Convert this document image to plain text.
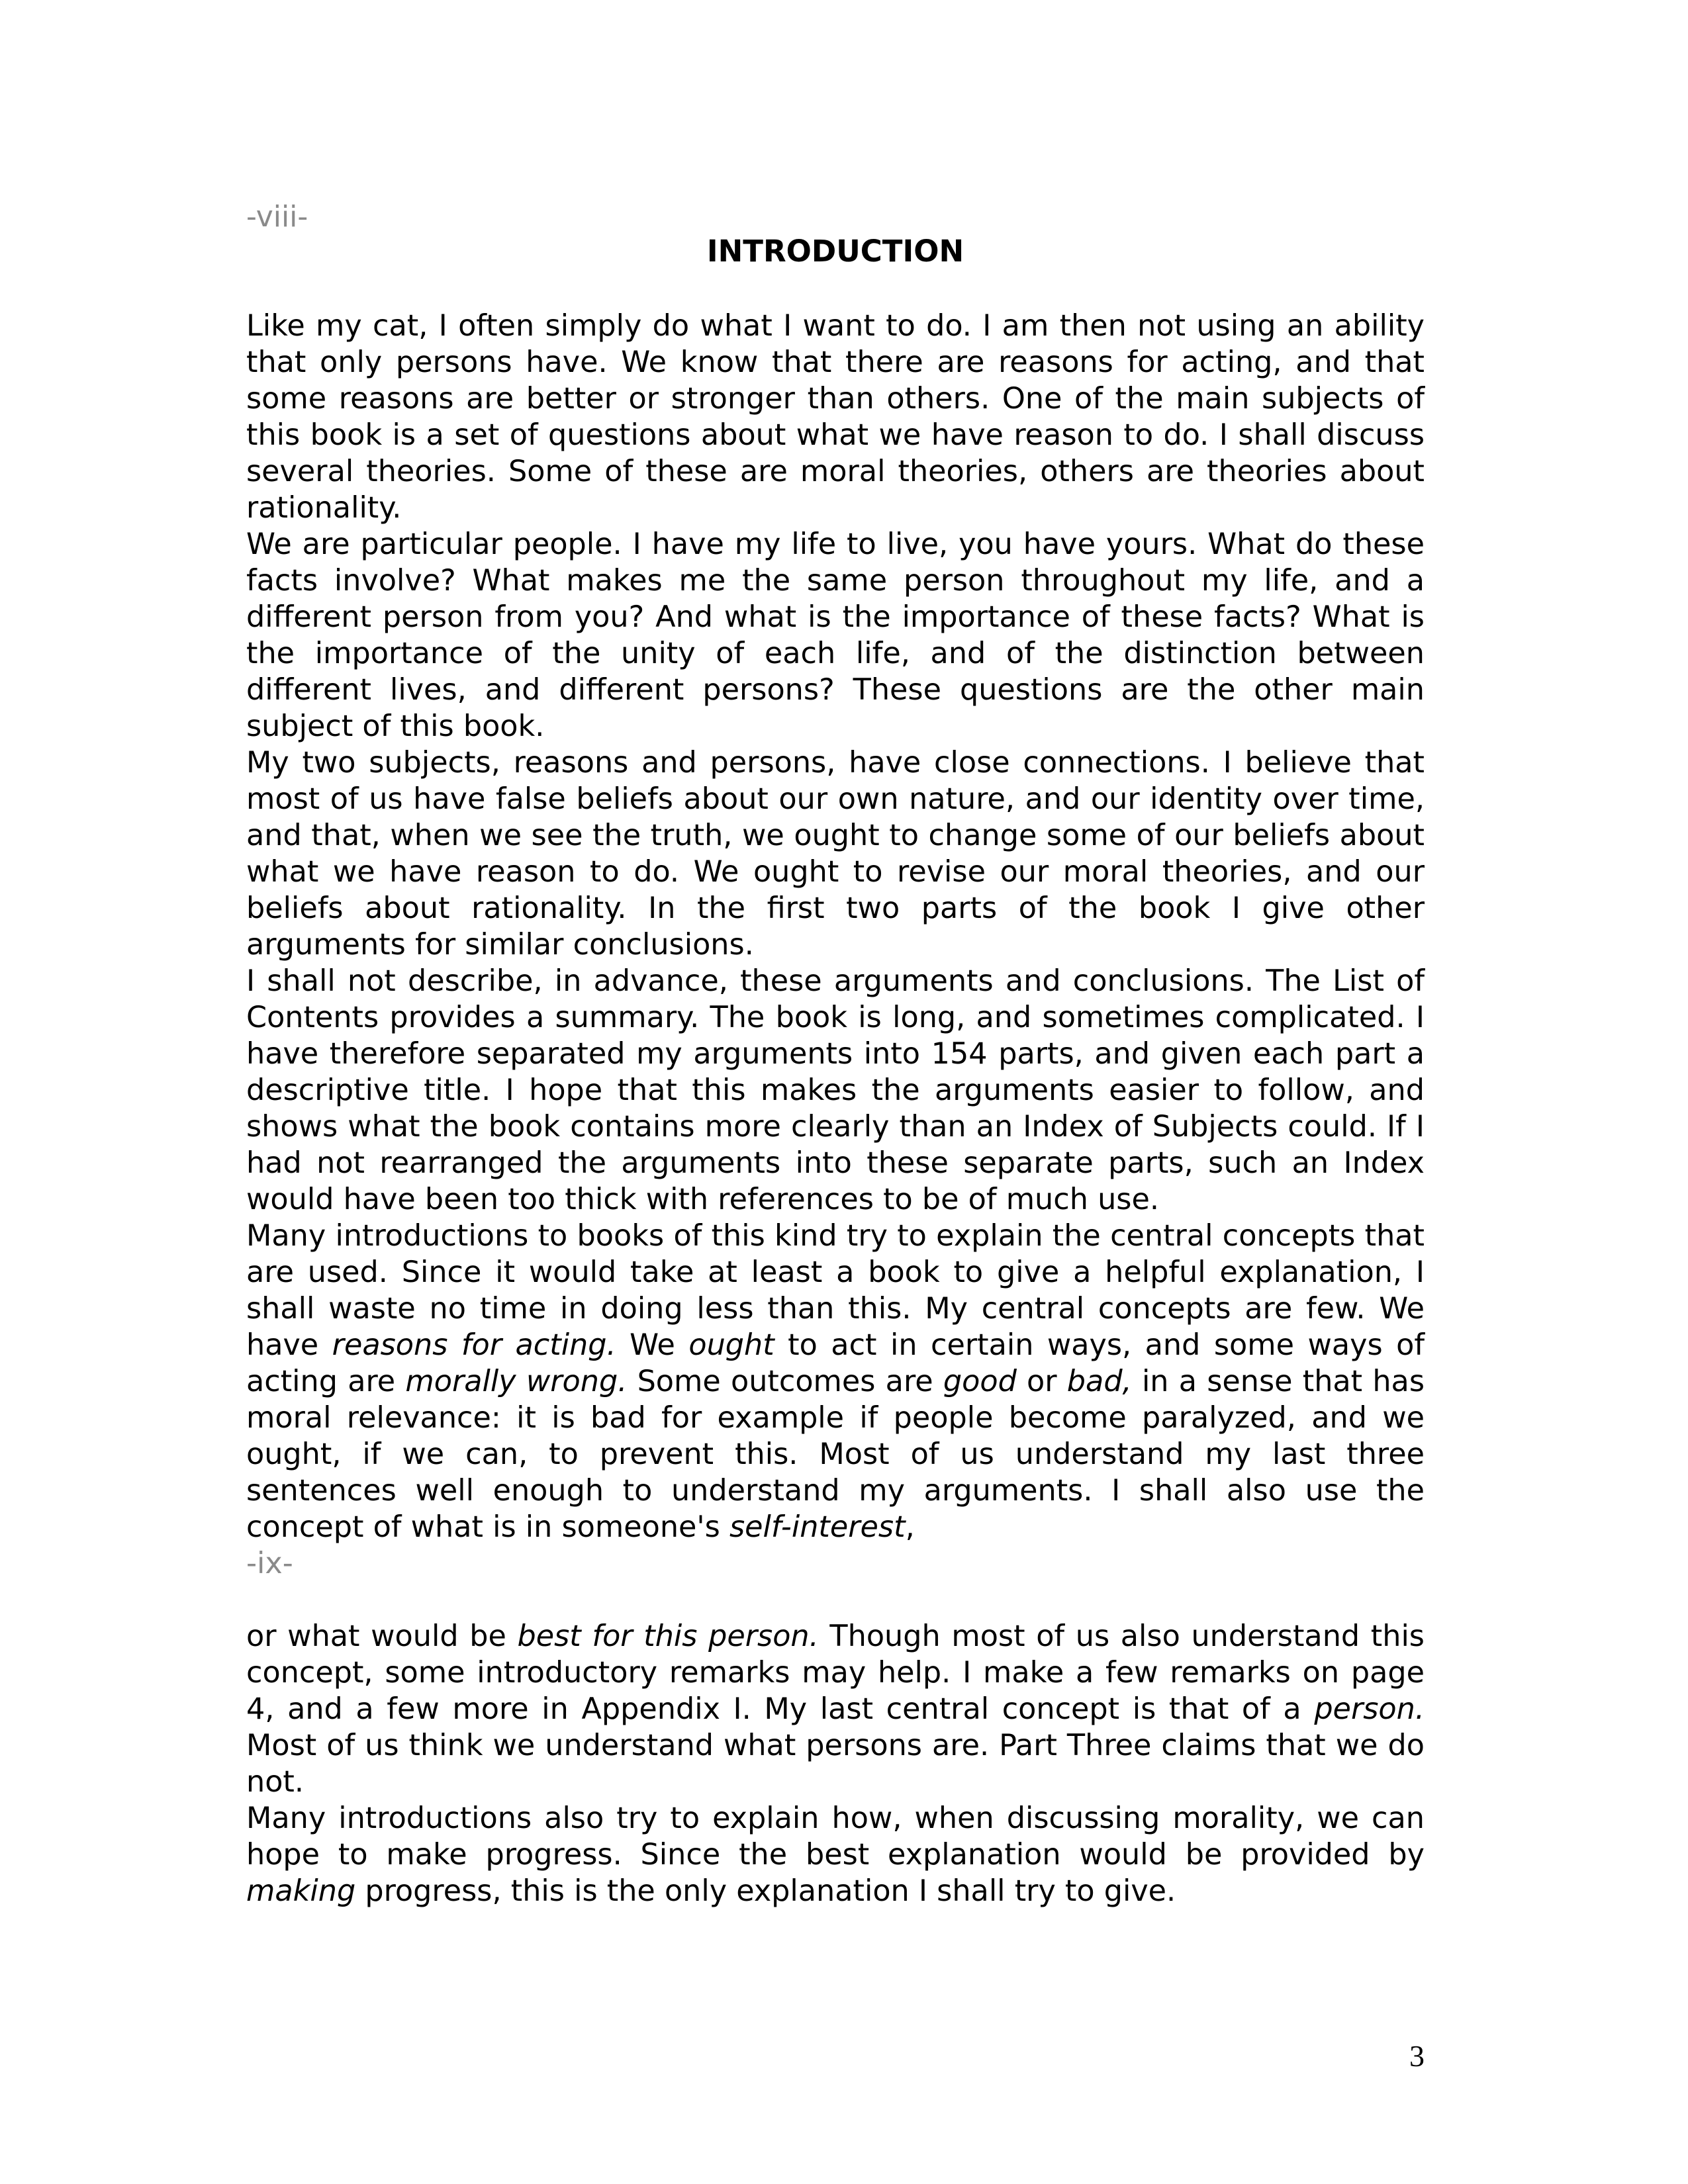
-viii-
INTRODUCTION

Like my cat, I often simply do what I want to do. I am then not using an ability that only persons have. We know that there are reasons for acting, and that some reasons are better or stronger than others. One of the main subjects of this book is a set of questions about what we have reason to do. I shall discuss several theories. Some of these are moral theories, others are theories about rationality.

We are particular people. I have my life to live, you have yours. What do these facts involve? What makes me the same person throughout my life, and a different person from you? And what is the importance of these facts? What is the importance of the unity of each life, and of the distinction between different lives, and different persons? These questions are the other main subject of this book.

My two subjects, reasons and persons, have close connections. I believe that most of us have false beliefs about our own nature, and our identity over time, and that, when we see the truth, we ought to change some of our beliefs about what we have reason to do. We ought to revise our moral theories, and our beliefs about rationality. In the first two parts of the book I give other arguments for similar conclusions.

I shall not describe, in advance, these arguments and conclusions. The List of Contents provides a summary. The book is long, and sometimes complicated. I have therefore separated my arguments into 154 parts, and given each part a descriptive title. I hope that this makes the arguments easier to follow, and shows what the book contains more clearly than an Index of Subjects could. If I had not rearranged the arguments into these separate parts, such an Index would have been too thick with references to be of much use.

Many introductions to books of this kind try to explain the central concepts that are used. Since it would take at least a book to give a helpful explanation, I shall waste no time in doing less than this. My central concepts are few. We have reasons for acting. We ought to act in certain ways, and some ways of acting are morally wrong. Some outcomes are good or bad, in a sense that has moral relevance: it is bad for example if people become paralyzed, and we ought, if we can, to prevent this. Most of us understand my last three sentences well enough to understand my arguments. I shall also use the concept of what is in someone's self-interest,

-ix-

or what would be best for this person. Though most of us also understand this concept, some introductory remarks may help. I make a few remarks on page 4, and a few more in Appendix I. My last central concept is that of a person. Most of us think we understand what persons are. Part Three claims that we do not.

Many introductions also try to explain how, when discussing morality, we can hope to make progress. Since the best explanation would be provided by making progress, this is the only explanation I shall try to give.

3
